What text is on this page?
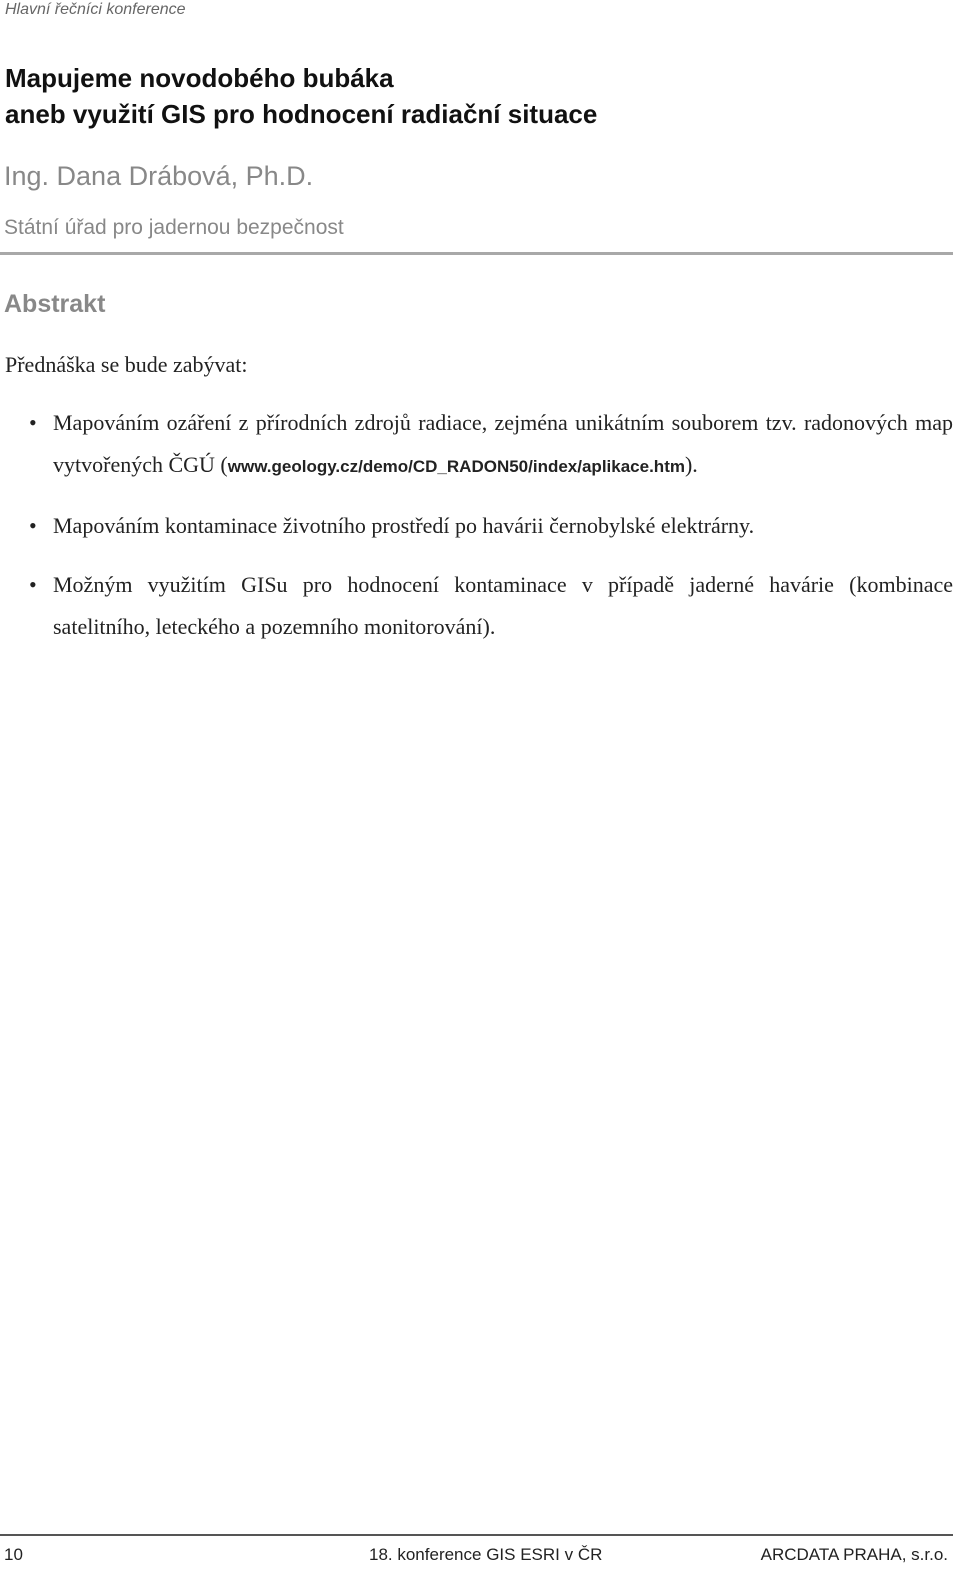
Hlavní řečníci konference
Mapujeme novodobého bubáka
aneb využití GIS pro hodnocení radiační situace
Ing. Dana Drábová, Ph.D.
Státní úřad pro jadernou bezpečnost
Abstrakt
Přednáška se bude zabývat:
• Mapováním ozáření z přírodních zdrojů radiace, zejména unikátním souborem tzv. radonových map vytvořených ČGÚ (www.geology.cz/demo/CD_RADON50/index/aplikace.htm).
• Mapováním kontaminace životního prostředí po havárii černobylské elektrárny.
• Možným využitím GISu pro hodnocení kontaminace v případě jaderné havárie (kombinace satelitního, leteckého a pozemního monitorování).
10	18. konference GIS ESRI v ČR	ARCDATA PRAHA, s.r.o.
